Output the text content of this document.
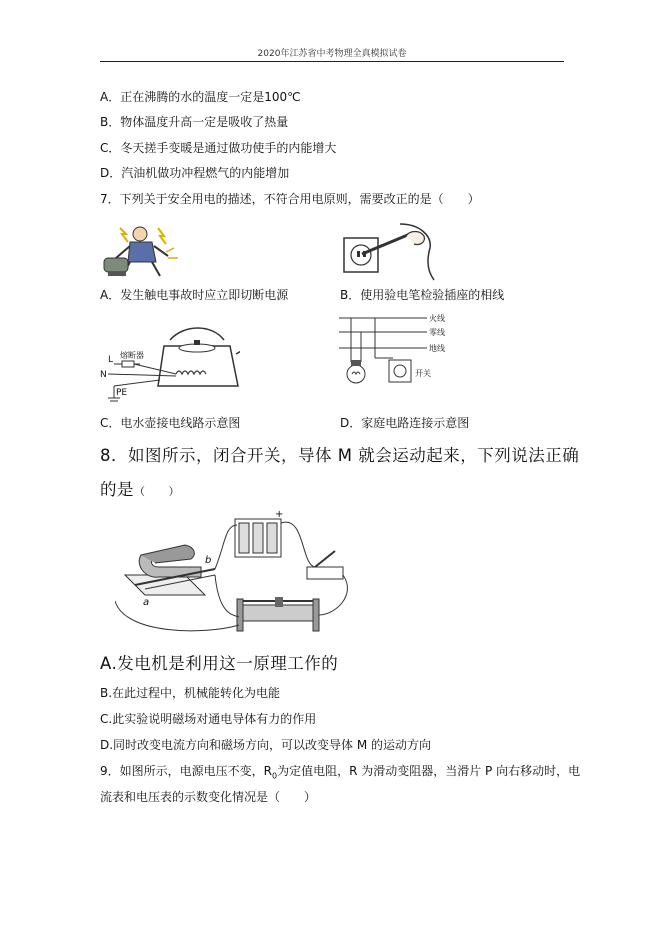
2020年江苏省中考物理全真模拟试卷
A．正在沸腾的水的温度一定是100℃
B．物体温度升高一定是吸收了热量
C．冬天搓手变暖是通过做功使手的内能增大
D．汽油机做功冲程燃气的内能增加
7．下列关于安全用电的描述，不符合用电原则，需要改正的是（　　）
A．发生触电事故时应立即切断电源	B．使用验电笔检验插座的相线
L 熔断器
N
PE
火线
零线
地线
开关
C．电水壶接电线路示意图	D．家庭电路连接示意图
8．如图所示，闭合开关，导体 M 就会运动起来，下列说法正确
的是（　　）
a
b
+
A.发电机是利用这一原理工作的
B.在此过程中，机械能转化为电能
C.此实验说明磁场对通电导体有力的作用
D.同时改变电流方向和磁场方向，可以改变导体 M 的运动方向
9．如图所示，电源电压不变，$R_0$为定值电阻，R 为滑动变阻器，当滑片 P 向右移动时，电
流表和电压表的示数变化情况是（　　）
